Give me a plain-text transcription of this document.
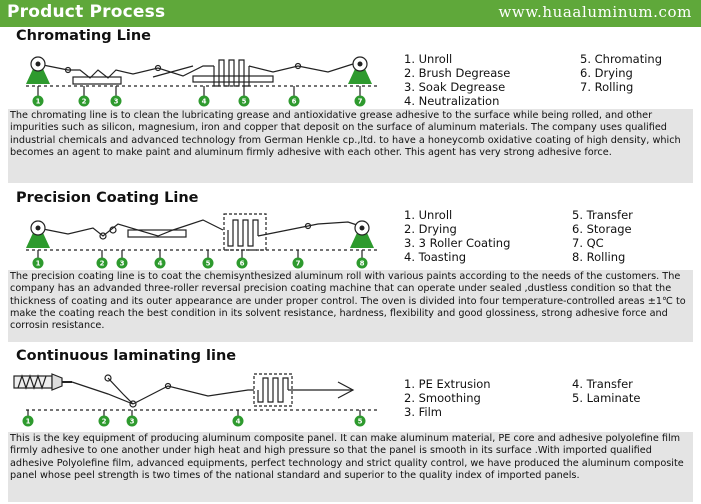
Product Process	www.huaaluminum.com
Chromating Line
1	2	3	4	5	6	7
1. Unroll
2. Brush Degrease
3. Soak Degrease
4. Neutralization
5. Chromating
6. Drying
7. Rolling
The chromating line is to clean the lubricating grease and antioxidative grease adhesive to the surface while being rolled, and other impurities such as silicon, magnesium, iron and copper that deposit on the surface of aluminum materials. The company uses qualified industrial chemicals and advanced technology from German Henkle cp.,ltd. to have a honeycomb oxidative coating of high density, which becomes an agent to make paint and aluminum firmly adhesive with each other. This agent has very strong adhesive force.
Precision Coating Line
1	2 3	4	5	6	7	8
1. Unroll
2. Drying
3. 3 Roller Coating
4. Toasting
5. Transfer
6. Storage
7. QC
8. Rolling
The precision coating line is to coat the chemisynthesized aluminum roll with various paints according to the needs of the customers. The company has an advanded three-roller reversal precision coating machine that can operate under sealed ,dustless condition so that the thickness of coating and its outer appearance are under proper control. The oven is divided into four temperature-controlled areas ±1℃ to make the coating reach the best condition in its solvent resistance, hardness, flexibility and good glossiness, strong adhesive force and corrosin resistance.
Continuous laminating line
1	2	3	4	5
1. PE Extrusion
2. Smoothing
3. Film
4. Transfer
5. Laminate
This is the key equipment of producing aluminum composite panel. It can make aluminum material, PE core and adhesive polyolefine film firmly adhesive to one another under high heat and high pressure so that the panel is smooth in its surface .With imported qualified adhesive Polyolefine film, advanced equipments, perfect technology and strict quality control, we have produced the aluminum composite panel whose peel strength is two times of the national standard and superior to the quality index of imported panels.
